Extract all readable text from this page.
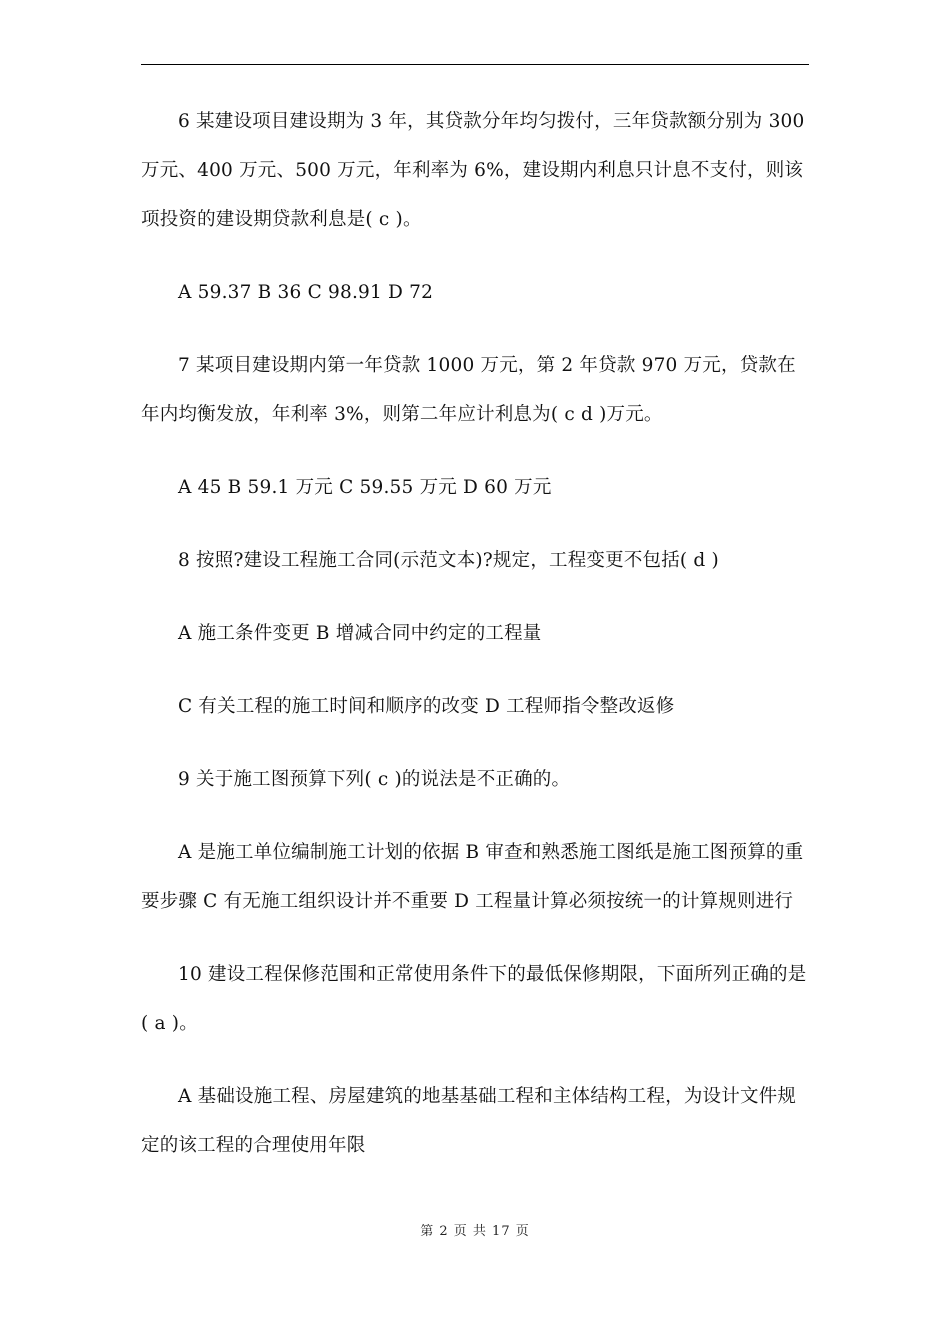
6 某建设项目建设期为 3 年，其贷款分年均匀拨付，三年贷款额分别为 300 万元、400 万元、500 万元，年利率为 6%，建设期内利息只计息不支付，则该项投资的建设期贷款利息是( c )。

A 59.37 B 36 C 98.91 D 72

7 某项目建设期内第一年贷款 1000 万元，第 2 年贷款 970 万元，贷款在年内均衡发放，年利率 3%，则第二年应计利息为( c d )万元。

A 45 B 59.1 万元 C 59.55 万元 D 60 万元

8 按照?建设工程施工合同(示范文本)?规定，工程变更不包括( d )

A 施工条件变更 B 增减合同中约定的工程量

C 有关工程的施工时间和顺序的改变 D 工程师指令整改返修

9 关于施工图预算下列( c )的说法是不正确的。

A 是施工单位编制施工计划的依据 B 审查和熟悉施工图纸是施工图预算的重要步骤 C 有无施工组织设计并不重要 D 工程量计算必须按统一的计算规则进行

10 建设工程保修范围和正常使用条件下的最低保修期限，下面所列正确的是( a )。

A 基础设施工程、房屋建筑的地基基础工程和主体结构工程，为设计文件规定的该工程的合理使用年限

第 2 页 共 17 页
